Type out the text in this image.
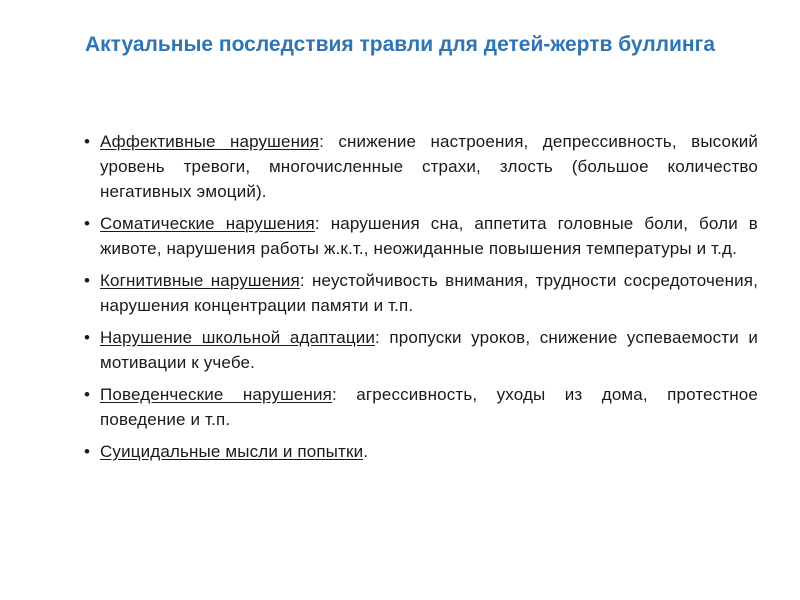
Актуальные последствия травли для детей-жертв буллинга
• Аффективные нарушения: снижение настроения, депрессивность, высокий уровень тревоги, многочисленные страхи, злость (большое количество негативных эмоций).
• Соматические нарушения: нарушения сна, аппетита головные боли, боли в животе, нарушения работы ж.к.т., неожиданные повышения температуры и т.д.
• Когнитивные нарушения: неустойчивость внимания, трудности сосредоточения, нарушения концентрации памяти и т.п.
• Нарушение школьной адаптации: пропуски уроков, снижение успеваемости и мотивации к учебе.
• Поведенческие нарушения: агрессивность, уходы из дома, протестное поведение и т.п.
• Суицидальные мысли и попытки.
